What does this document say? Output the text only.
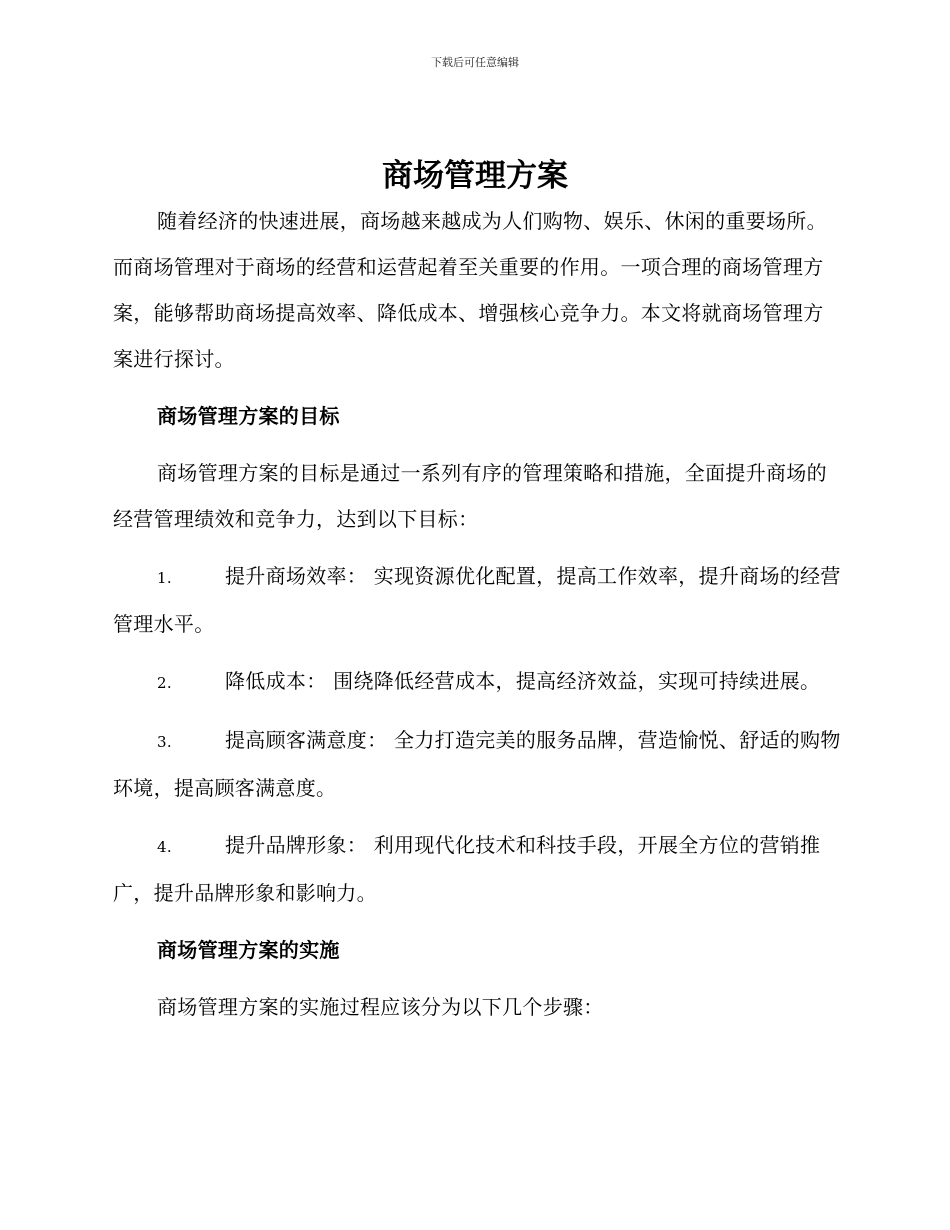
下载后可任意编辑
商场管理方案

随着经济的快速进展，商场越来越成为人们购物、娱乐、休闲的重要场所。而商场管理对于商场的经营和运营起着至关重要的作用。一项合理的商场管理方案，能够帮助商场提高效率、降低成本、增强核心竞争力。本文将就商场管理方案进行探讨。

商场管理方案的目标

商场管理方案的目标是通过一系列有序的管理策略和措施，全面提升商场的经营管理绩效和竞争力，达到以下目标：

1.	提升商场效率： 实现资源优化配置，提高工作效率，提升商场的经营管理水平。

2.	降低成本： 围绕降低经营成本，提高经济效益，实现可持续进展。

3.	提高顾客满意度： 全力打造完美的服务品牌，营造愉悦、舒适的购物环境，提高顾客满意度。

4.	提升品牌形象： 利用现代化技术和科技手段，开展全方位的营销推广，提升品牌形象和影响力。

商场管理方案的实施

商场管理方案的实施过程应该分为以下几个步骤：
